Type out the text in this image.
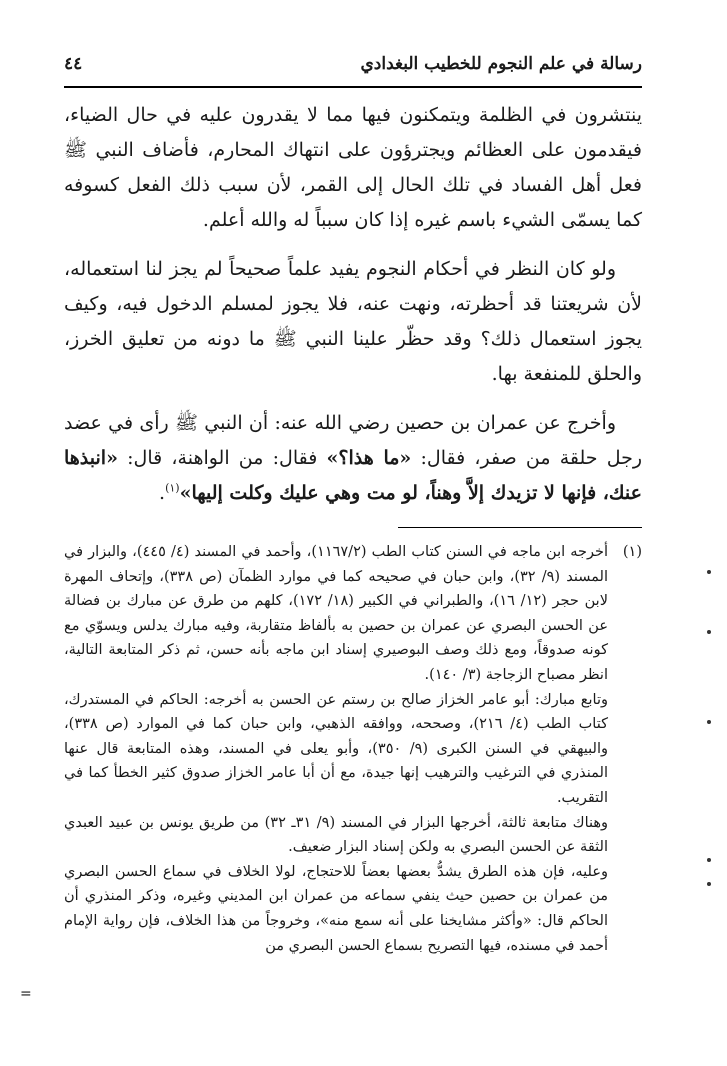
رسالة في علم النجوم للخطيب البغدادي
٤٤

ينتشرون في الظلمة ويتمكنون فيها مما لا يقدرون عليه في حال الضياء، فيقدمون على العظائم ويجترؤون على انتهاك المحارم، فأضاف النبي ﷺ فعل أهل الفساد في تلك الحال إلى القمر، لأن سبب ذلك الفعل كسوفه كما يسمّى الشيء باسم غيره إذا كان سبباً له والله أعلم.

ولو كان النظر في أحكام النجوم يفيد علماً صحيحاً لم يجز لنا استعماله، لأن شريعتنا قد أحظرته، ونهت عنه، فلا يجوز لمسلم الدخول فيه، وكيف يجوز استعمال ذلك؟ وقد حظّر علينا النبي ﷺ ما دونه من تعليق الخرز، والحلق للمنفعة بها.

وأخرج عن عمران بن حصين رضي الله عنه: أن النبي ﷺ رأى في عضد رجل حلقة من صفر، فقال: «ما هذا؟» فقال: من الواهنة، قال: «انبذها عنك، فإنها لا تزيدك إلاَّ وهناً، لو مت وهي عليك وكلت إليها»$^{(١)}$.

(١)

أخرجه ابن ماجه في السنن كتاب الطب (١١٦٧/٢)، وأحمد في المسند (٤/ ٤٤٥)، والبزار في المسند (٩/ ٣٢)، وابن حبان في صحيحه كما في موارد الظمآن (ص ٣٣٨)، وإتحاف المهرة لابن حجر (١٢/ ١٦)، والطبراني في الكبير (١٨/ ١٧٢)، كلهم من طرق عن مبارك بن فضالة عن الحسن البصري عن عمران بن حصين به بألفاظ متقاربة، وفيه مبارك يدلس ويسوّي مع كونه صدوقاً، ومع ذلك وصف البوصيري إسناد ابن ماجه بأنه حسن، ثم ذكر المتابعة التالية، انظر مصباح الزجاجة (٣/ ١٤٠).

وتابع مبارك: أبو عامر الخزاز صالح بن رستم عن الحسن به أخرجه: الحاكم في المستدرك، كتاب الطب (٤/ ٢١٦)، وصححه، ووافقه الذهبي، وابن حبان كما في الموارد (ص ٣٣٨)، والبيهقي في السنن الكبرى (٩/ ٣٥٠)، وأبو يعلى في المسند، وهذه المتابعة قال عنها المنذري في الترغيب والترهيب إنها جيدة، مع أن أبا عامر الخزاز صدوق كثير الخطأ كما في التقريب.

وهناك متابعة ثالثة، أخرجها البزار في المسند (٩/ ٣١ـ ٣٢) من طريق يونس بن عبيد العبدي الثقة عن الحسن البصري به ولكن إسناد البزار ضعيف.

وعليه، فإن هذه الطرق يشدُّ بعضها بعضاً للاحتجاج، لولا الخلاف في سماع الحسن البصري من عمران بن حصين حيث ينفي سماعه من عمران ابن المديني وغيره، وذكر المنذري أن الحاكم قال: «وأكثر مشايخنا على أنه سمع منه»، وخروجاً من هذا الخلاف، فإن رواية الإمام أحمد في مسنده، فيها التصريح بسماع الحسن البصري من

=
